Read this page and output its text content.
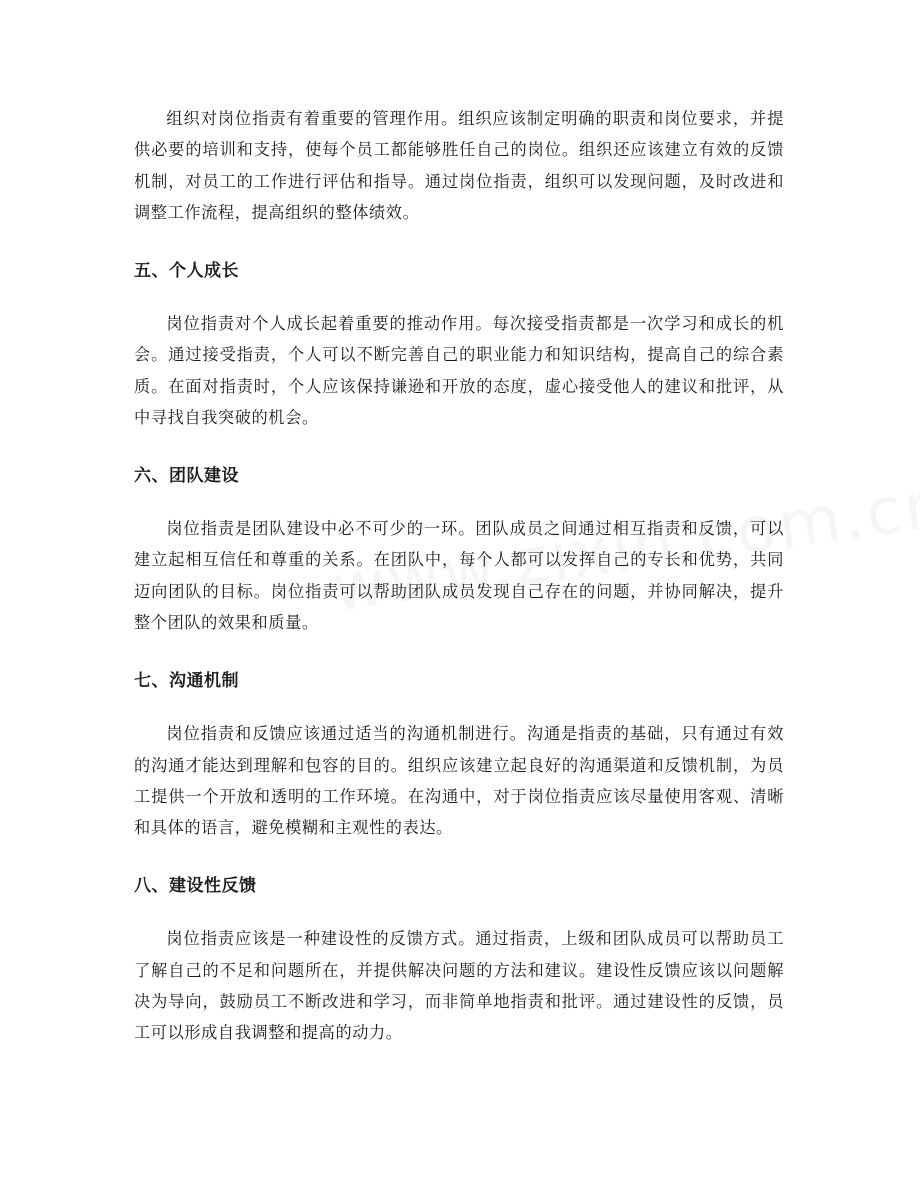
组织对岗位指责有着重要的管理作用。组织应该制定明确的职责和岗位要求，并提供必要的培训和支持，使每个员工都能够胜任自己的岗位。组织还应该建立有效的反馈机制，对员工的工作进行评估和指导。通过岗位指责，组织可以发现问题，及时改进和调整工作流程，提高组织的整体绩效。

五、个人成长

岗位指责对个人成长起着重要的推动作用。每次接受指责都是一次学习和成长的机会。通过接受指责，个人可以不断完善自己的职业能力和知识结构，提高自己的综合素质。在面对指责时，个人应该保持谦逊和开放的态度，虚心接受他人的建议和批评，从中寻找自我突破的机会。

六、团队建设

岗位指责是团队建设中必不可少的一环。团队成员之间通过相互指责和反馈，可以建立起相互信任和尊重的关系。在团队中，每个人都可以发挥自己的专长和优势，共同迈向团队的目标。岗位指责可以帮助团队成员发现自己存在的问题，并协同解决，提升整个团队的效果和质量。

七、沟通机制

岗位指责和反馈应该通过适当的沟通机制进行。沟通是指责的基础，只有通过有效的沟通才能达到理解和包容的目的。组织应该建立起良好的沟通渠道和反馈机制，为员工提供一个开放和透明的工作环境。在沟通中，对于岗位指责应该尽量使用客观、清晰和具体的语言，避免模糊和主观性的表达。

八、建设性反馈

岗位指责应该是一种建设性的反馈方式。通过指责，上级和团队成员可以帮助员工了解自己的不足和问题所在，并提供解决问题的方法和建议。建设性反馈应该以问题解决为导向，鼓励员工不断改进和学习，而非简单地指责和批评。通过建设性的反馈，员工可以形成自我调整和提高的动力。
